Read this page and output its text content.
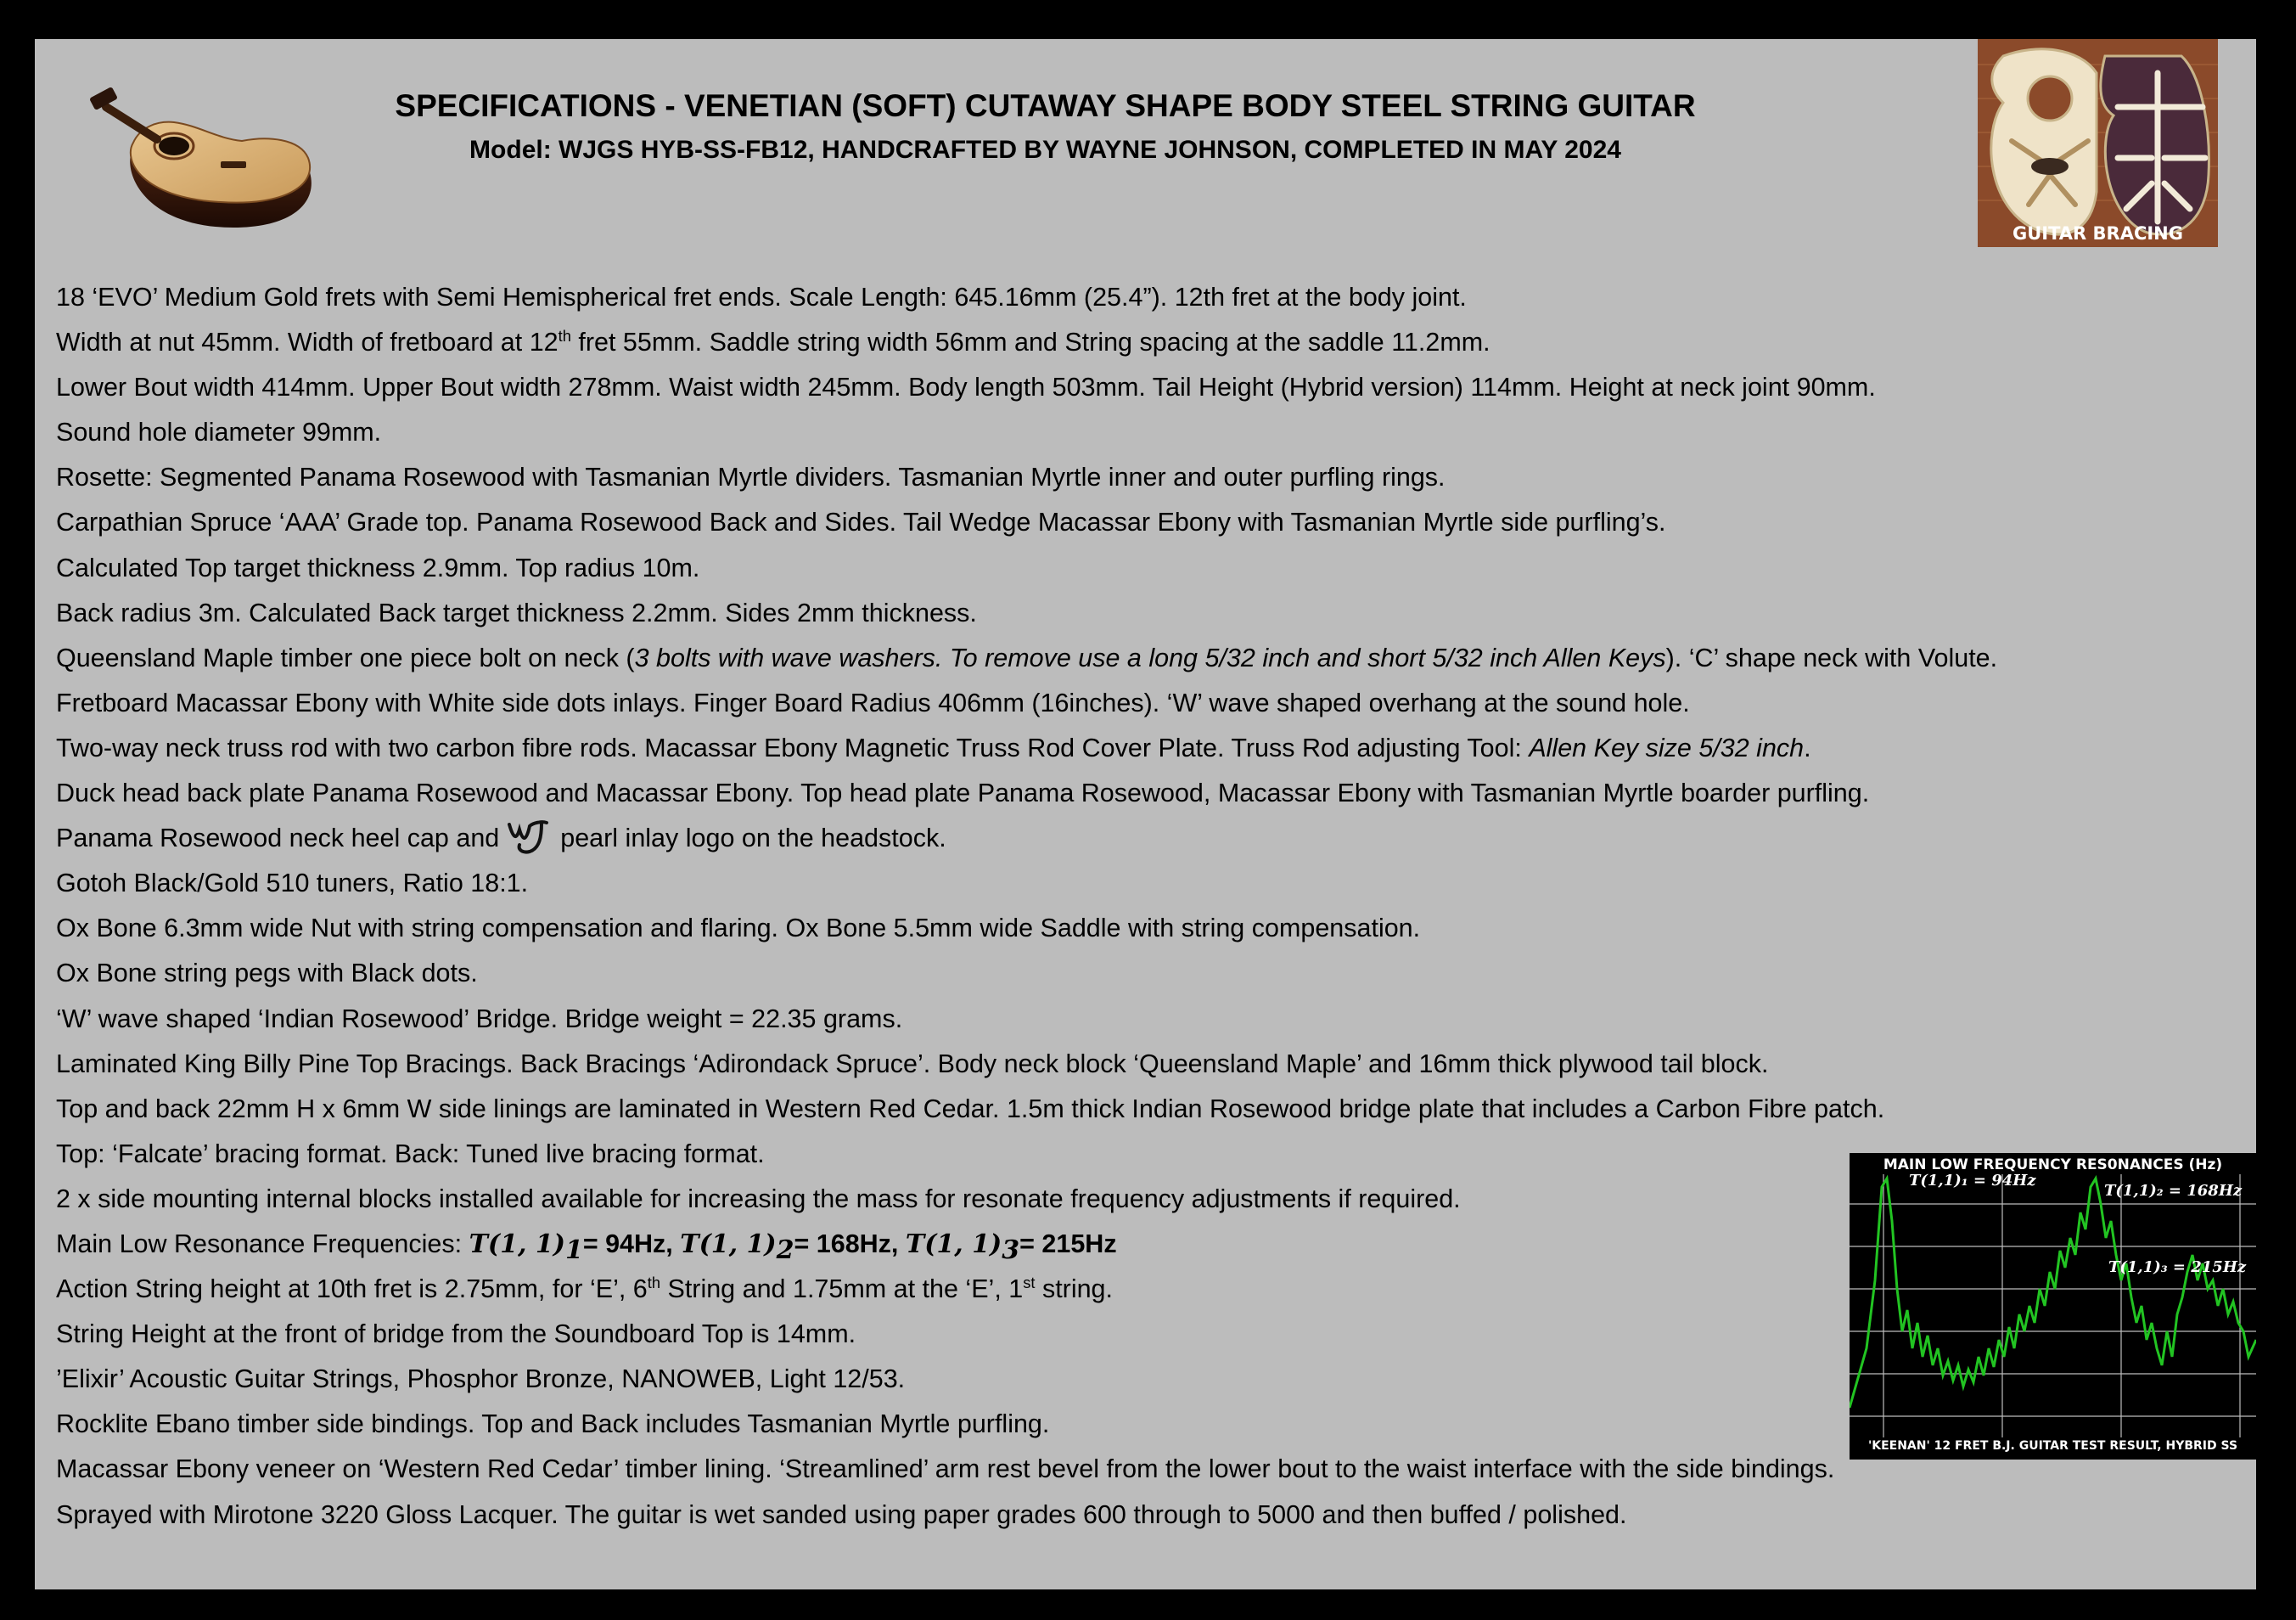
SPECIFICATIONS - VENETIAN (SOFT) CUTAWAY SHAPE BODY STEEL STRING GUITAR
Model: WJGS HYB-SS-FB12, HANDCRAFTED BY WAYNE JOHNSON, COMPLETED IN MAY 2024
GUITAR BRACING
18 ‘EVO’ Medium Gold frets with Semi Hemispherical fret ends. Scale Length: 645.16mm (25.4”). 12th fret at the body joint.
Width at nut 45mm. Width of fretboard at 12th fret 55mm. Saddle string width 56mm and String spacing at the saddle 11.2mm.
Lower Bout width 414mm. Upper Bout width 278mm. Waist width 245mm. Body length 503mm. Tail Height (Hybrid version) 114mm. Height at neck joint 90mm.
Sound hole diameter 99mm.
Rosette: Segmented Panama Rosewood with Tasmanian Myrtle dividers. Tasmanian Myrtle inner and outer purfling rings.
Carpathian Spruce ‘AAA’ Grade top. Panama Rosewood Back and Sides. Tail Wedge Macassar Ebony with Tasmanian Myrtle side purfling’s.
Calculated Top target thickness 2.9mm. Top radius 10m.
Back radius 3m. Calculated Back target thickness 2.2mm. Sides 2mm thickness.
Queensland Maple timber one piece bolt on neck (3 bolts with wave washers. To remove use a long 5/32 inch and short 5/32 inch Allen Keys). ‘C’ shape neck with Volute.
Fretboard Macassar Ebony with White side dots inlays. Finger Board Radius 406mm (16inches). ‘W’ wave shaped overhang at the sound hole.
Two-way neck truss rod with two carbon fibre rods. Macassar Ebony Magnetic Truss Rod Cover Plate. Truss Rod adjusting Tool: Allen Key size 5/32 inch.
Duck head back plate Panama Rosewood and Macassar Ebony. Top head plate Panama Rosewood, Macassar Ebony with Tasmanian Myrtle boarder purfling.
Panama Rosewood neck heel cap and pearl inlay logo on the headstock.
Gotoh Black/Gold 510 tuners, Ratio 18:1.
Ox Bone 6.3mm wide Nut with string compensation and flaring. Ox Bone 5.5mm wide Saddle with string compensation.
Ox Bone string pegs with Black dots.
‘W’ wave shaped ‘Indian Rosewood’ Bridge. Bridge weight = 22.35 grams.
Laminated King Billy Pine Top Bracings. Back Bracings ‘Adirondack Spruce’. Body neck block ‘Queensland Maple’ and 16mm thick plywood tail block.
Top and back 22mm H x 6mm W side linings are laminated in Western Red Cedar. 1.5m thick Indian Rosewood bridge plate that includes a Carbon Fibre patch.
Top: ‘Falcate’ bracing format. Back: Tuned live bracing format.
2 x side mounting internal blocks installed available for increasing the mass for resonate frequency adjustments if required.
Main Low Resonance Frequencies: T(1, $1)_1= 94Hz$, T(1, $1)_2= 168Hz$, T(1, $1)_3= 215Hz$
Action String height at 10th fret is 2.75mm, for ‘E’, 6th String and 1.75mm at the ‘E’, 1st string.
String Height at the front of bridge from the Soundboard Top is 14mm.
’Elixir’ Acoustic Guitar Strings, Phosphor Bronze, NANOWEB, Light 12/53.
Rocklite Ebano timber side bindings. Top and Back includes Tasmanian Myrtle purfling.
Macassar Ebony veneer on ‘Western Red Cedar’ timber lining. ‘Streamlined’ arm rest bevel from the lower bout to the waist interface with the side bindings.
Sprayed with Mirotone 3220 Gloss Lacquer. The guitar is wet sanded using paper grades 600 through to 5000 and then buffed / polished.
MAIN LOW FREQUENCY RES0NANCES (Hz)
T(1,1)₁ = 94Hz
T(1,1)₂ = 168Hz
T(1,1)₃ = 215Hz
'KEENAN' 12 FRET B.J. GUITAR TEST RESULT, HYBRID SS
